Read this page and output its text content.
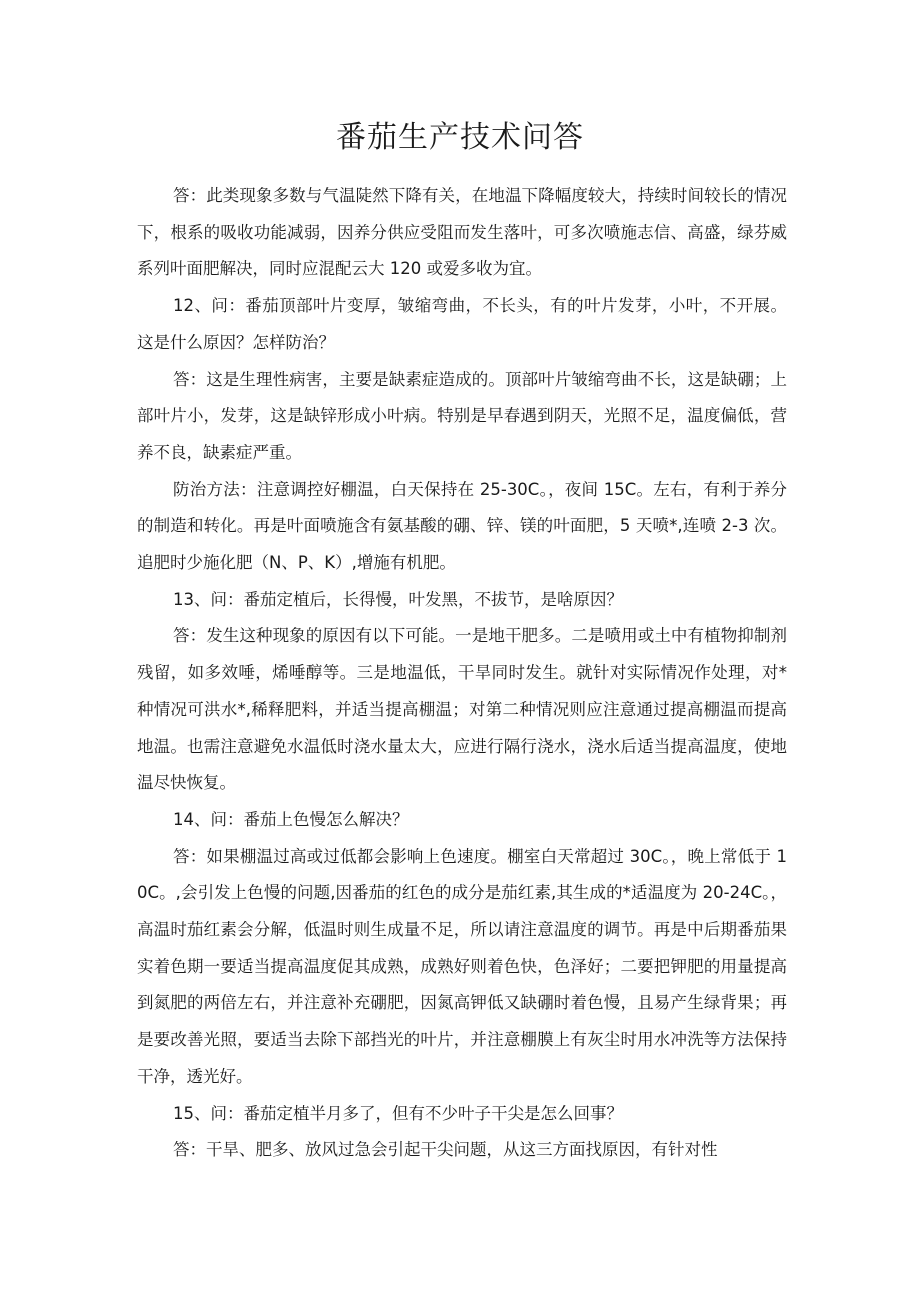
番茄生产技术问答

答：此类现象多数与气温陡然下降有关，在地温下降幅度较大，持续时间较长的情况下，根系的吸收功能减弱，因养分供应受阻而发生落叶，可多次喷施志信、高盛，绿芬威系列叶面肥解决，同时应混配云大 120 或爱多收为宜。

12、问：番茄顶部叶片变厚，皱缩弯曲，不长头，有的叶片发芽，小叶，不开展。这是什么原因？怎样防治？

答：这是生理性病害，主要是缺素症造成的。顶部叶片皱缩弯曲不长，这是缺硼；上部叶片小，发芽，这是缺锌形成小叶病。特别是早春遇到阴天，光照不足，温度偏低，营养不良，缺素症严重。

防治方法：注意调控好棚温，白天保持在 25-30C。，夜间 15C。左右，有利于养分的制造和转化。再是叶面喷施含有氨基酸的硼、锌、镁的叶面肥，5 天喷*,连喷 2-3 次。追肥时少施化肥（N、P、K）,增施有机肥。

13、问：番茄定植后，长得慢，叶发黑，不拔节，是啥原因？

答：发生这种现象的原因有以下可能。一是地干肥多。二是喷用或土中有植物抑制剂残留，如多效唾，烯唾醇等。三是地温低，干旱同时发生。就针对实际情况作处理，对*种情况可洪水*,稀释肥料，并适当提高棚温；对第二种情况则应注意通过提高棚温而提高地温。也需注意避免水温低时浇水量太大，应进行隔行浇水，浇水后适当提高温度，使地温尽快恢复。

14、问：番茄上色慢怎么解决？

答：如果棚温过高或过低都会影响上色速度。棚室白天常超过 30C。，晚上常低于 10C。,会引发上色慢的问题,因番茄的红色的成分是茄红素,其生成的*适温度为 20-24C。，高温时茄红素会分解，低温时则生成量不足，所以请注意温度的调节。再是中后期番茄果实着色期一要适当提高温度促其成熟，成熟好则着色快，色泽好；二要把钾肥的用量提高到氮肥的两倍左右，并注意补充硼肥，因氮高钾低又缺硼时着色慢，且易产生绿背果；再是要改善光照，要适当去除下部挡光的叶片，并注意棚膜上有灰尘时用水冲洗等方法保持干净，透光好。

15、问：番茄定植半月多了，但有不少叶子干尖是怎么回事？

答：干旱、肥多、放风过急会引起干尖问题，从这三方面找原因，有针对性
